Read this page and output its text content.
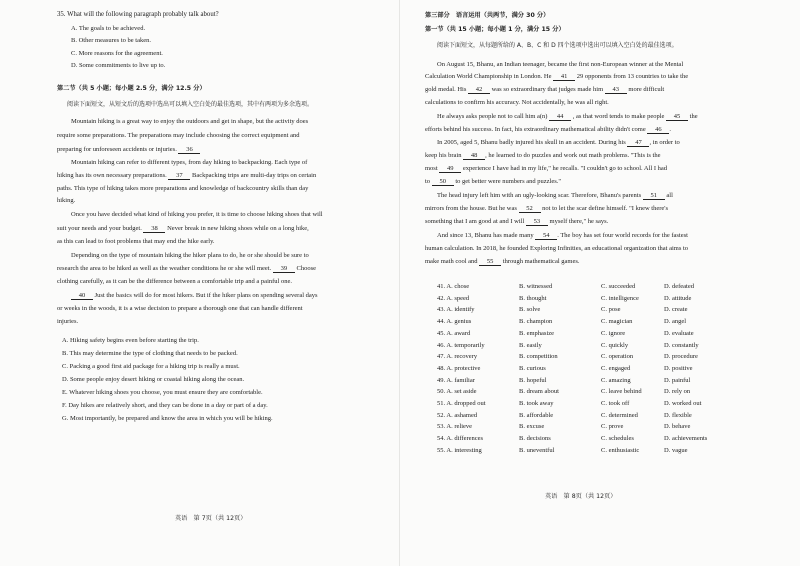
35. What will the following paragraph probably talk about?
A. The goals to be achieved.
B. Other measures to be taken.
C. More reasons for the agreement.
D. Some commitments to live up to.
第二节（共 5 小题；每小题 2.5 分，满分 12.5 分）
阅读下面短文，从短文后的选项中选出可以填入空白处的最佳选项，其中有两项为多余选项。
Mountain hiking is a great way to enjoy the outdoors and get in shape, but the activity does
require some preparations. The preparations may include choosing the correct equipment and
preparing for unforeseen accidents or injuries. 36
Mountain hiking can refer to different types, from day hiking to backpacking. Each type of
hiking has its own necessary preparations. 37 Backpacking trips are multi-day trips on certain
paths. This type of hiking takes more preparations and knowledge of backcountry skills than day
hiking.
Once you have decided what kind of hiking you prefer, it is time to choose hiking shoes that will
suit your needs and your budget. 38 Never break in new hiking shoes while on a long hike,
as this can lead to foot problems that may end the hike early.
Depending on the type of mountain hiking the hiker plans to do, he or she should be sure to
research the area to be hiked as well as the weather conditions he or she will meet. 39 Choose
clothing carefully, as it can be the difference between a comfortable trip and a painful one.
40 Just the basics will do for most hikers. But if the hiker plans on spending several days
or weeks in the woods, it is a wise decision to prepare a thorough one that can handle different
injuries.
A. Hiking safety begins even before starting the trip.
B. This may determine the type of clothing that needs to be packed.
C. Packing a good first aid package for a hiking trip is really a must.
D. Some people enjoy desert hiking or coastal hiking along the ocean.
E. Whatever hiking shoes you choose, you must ensure they are comfortable.
F. Day hikes are relatively short, and they can be done in a day or part of a day.
G. Most importantly, be prepared and know the area in which you will be hiking.
英语　第 7页（共 12页）
第三部分　语言运用（共两节，满分 30 分）
第一节（共 15 小题；每小题 1 分，满分 15 分）
阅读下面短文，从每题所给的 A、B、C 和 D 四个选项中选出可以填入空白处的最佳选项。
On August 15, Bhanu, an Indian teenager, became the first non-European winner at the Mental
Calculation World Championship in London. He 41 29 opponents from 13 countries to take the
gold medal. His 42 was so extraordinary that judges made him 43 more difficult
calculations to confirm his accuracy. Not accidentally, he was all right.
He always asks people not to call him a(n) 44 , as that word tends to make people 45 the
efforts behind his success. In fact, his extraordinary mathematical ability didn't come 46 .
In 2005, aged 5, Bhanu badly injured his skull in an accident. During his 47 , in order to
keep his brain 48 , he learned to do puzzles and work out math problems. "This is the
most 49 experience I have had in my life," he recalls. "I couldn't go to school. All I had
to 50 to get better were numbers and puzzles."
The head injury left him with an ugly-looking scar. Therefore, Bhanu's parents 51 all
mirrors from the house. But he was 52 not to let the scar define himself. "I knew there's
something that I am good at and I will 53 myself there," he says.
And since 13, Bhanu has made many 54 . The boy has set four world records for the fastest
human calculation. In 2018, he founded Exploring Infinities, an educational organization that aims to
make math cool and 55 through mathematical games.
41. A. chose	B. witnessed	C. succeeded	D. defeated
42. A. speed	B. thought	C. intelligence	D. attitude
43. A. identify	B. solve	C. pose	D. create
44. A. genius	B. champion	C. magician	D. angel
45. A. award	B. emphasize	C. ignore	D. evaluate
46. A. temporarily	B. easily	C. quickly	D. constantly
47. A. recovery	B. competition	C. operation	D. procedure
48. A. protective	B. curious	C. engaged	D. positive
49. A. familiar	B. hopeful	C. amazing	D. painful
50. A. set aside	B. dream about	C. leave behind	D. rely on
51. A. dropped out	B. took away	C. took off	D. worked out
52. A. ashamed	B. affordable	C. determined	D. flexible
53. A. relieve	B. excuse	C. prove	D. behave
54. A. differences	B. decisions	C. schedules	D. achievements
55. A. interesting	B. uneventful	C. enthusiastic	D. vague
英语　第 8页（共 12页）
